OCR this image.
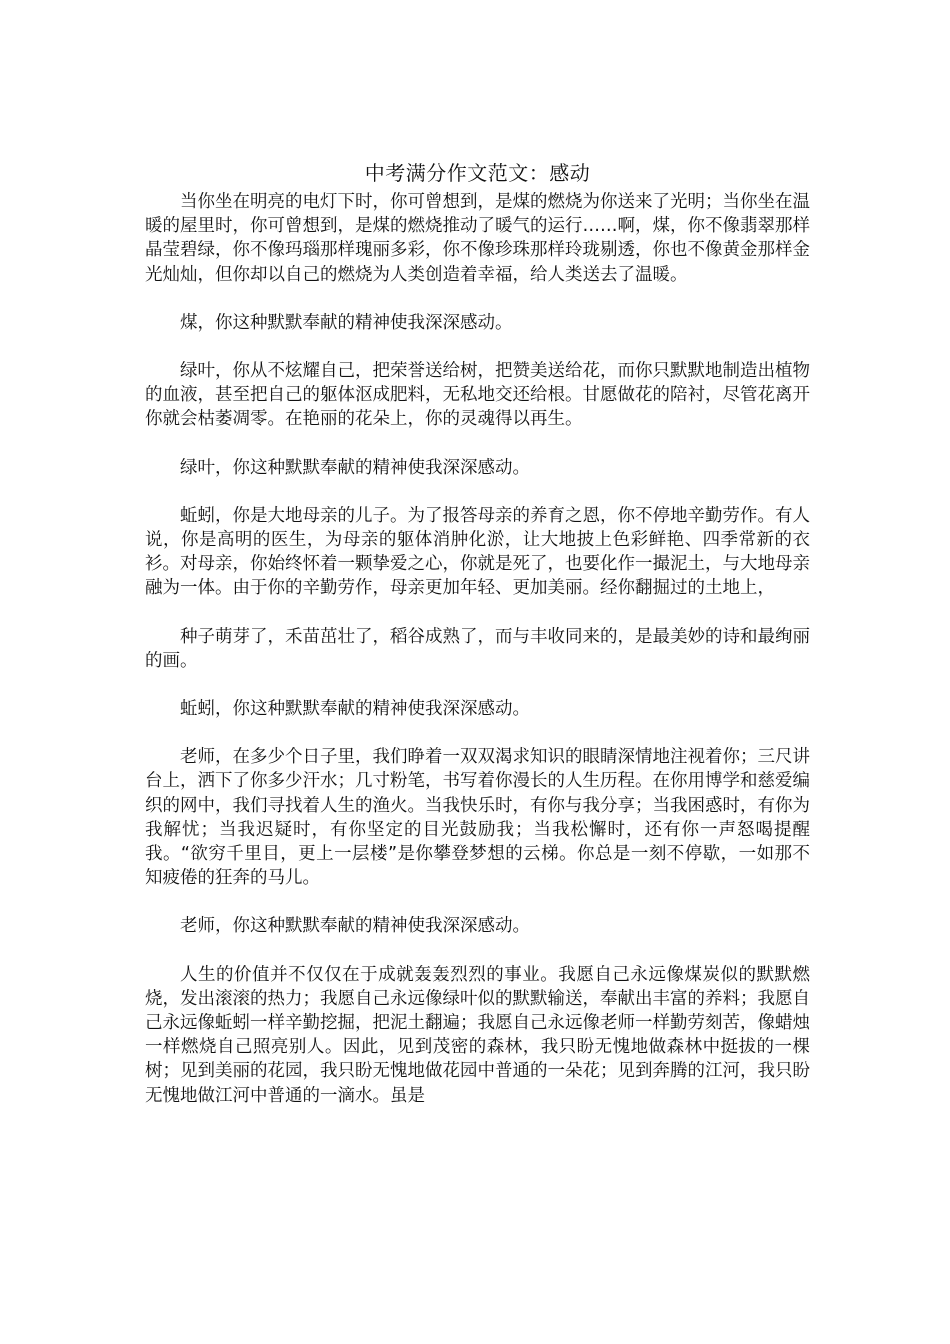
中考满分作文范文：感动

当你坐在明亮的电灯下时，你可曾想到，是煤的燃烧为你送来了光明；当你坐在温暖的屋里时，你可曾想到，是煤的燃烧推动了暖气的运行……啊，煤，你不像翡翠那样晶莹碧绿，你不像玛瑙那样瑰丽多彩，你不像珍珠那样玲珑剔透，你也不像黄金那样金光灿灿，但你却以自己的燃烧为人类创造着幸福，给人类送去了温暖。

煤，你这种默默奉献的精神使我深深感动。

绿叶，你从不炫耀自己，把荣誉送给树，把赞美送给花，而你只默默地制造出植物的血液，甚至把自己的躯体沤成肥料，无私地交还给根。甘愿做花的陪衬，尽管花离开你就会枯萎凋零。在艳丽的花朵上，你的灵魂得以再生。

绿叶，你这种默默奉献的精神使我深深感动。

蚯蚓，你是大地母亲的儿子。为了报答母亲的养育之恩，你不停地辛勤劳作。有人说，你是高明的医生，为母亲的躯体消肿化淤，让大地披上色彩鲜艳、四季常新的衣衫。对母亲，你始终怀着一颗挚爱之心，你就是死了，也要化作一撮泥土，与大地母亲融为一体。由于你的辛勤劳作，母亲更加年轻、更加美丽。经你翻掘过的土地上，

种子萌芽了，禾苗茁壮了，稻谷成熟了，而与丰收同来的，是最美妙的诗和最绚丽的画。

蚯蚓，你这种默默奉献的精神使我深深感动。

老师，在多少个日子里，我们睁着一双双渴求知识的眼睛深情地注视着你；三尺讲台上，洒下了你多少汗水；几寸粉笔，书写着你漫长的人生历程。在你用博学和慈爱编织的网中，我们寻找着人生的渔火。当我快乐时，有你与我分享；当我困惑时，有你为我解忧；当我迟疑时，有你坚定的目光鼓励我；当我松懈时，还有你一声怒喝提醒我。“欲穷千里目，更上一层楼”是你攀登梦想的云梯。你总是一刻不停歇，一如那不知疲倦的狂奔的马儿。

老师，你这种默默奉献的精神使我深深感动。

人生的价值并不仅仅在于成就轰轰烈烈的事业。我愿自己永远像煤炭似的默默燃烧，发出滚滚的热力；我愿自己永远像绿叶似的默默输送，奉献出丰富的养料；我愿自己永远像蚯蚓一样辛勤挖掘，把泥土翻遍；我愿自己永远像老师一样勤劳刻苦，像蜡烛一样燃烧自己照亮别人。因此，见到茂密的森林，我只盼无愧地做森林中挺拔的一棵树；见到美丽的花园，我只盼无愧地做花园中普通的一朵花；见到奔腾的江河，我只盼无愧地做江河中普通的一滴水。虽是
